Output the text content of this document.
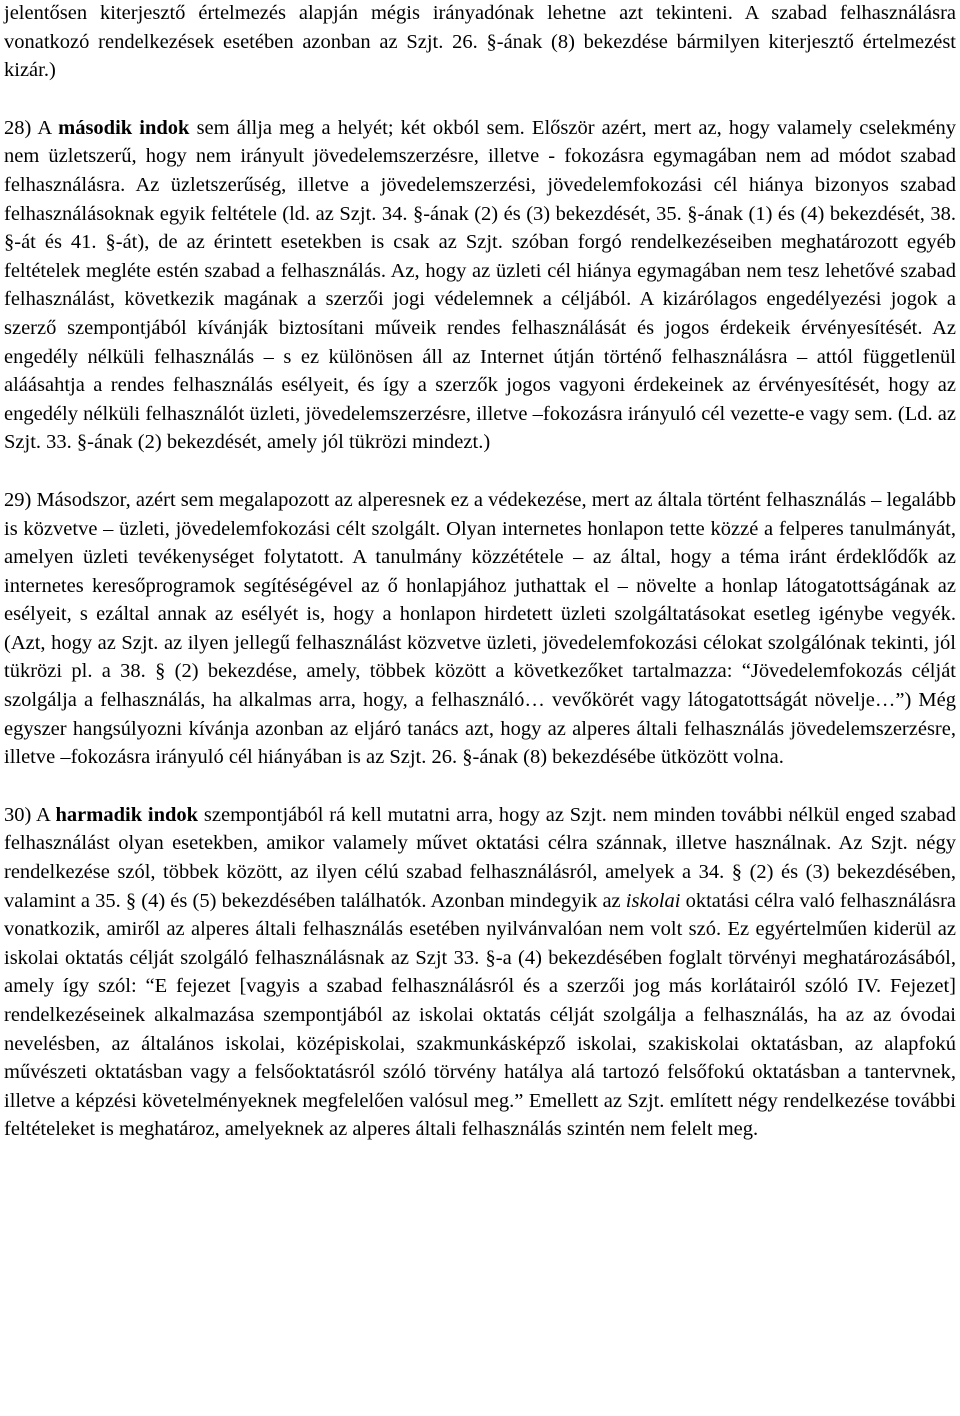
jelentősen kiterjesztő értelmezés alapján mégis irányadónak lehetne azt tekinteni. A szabad felhasználásra vonatkozó rendelkezések esetében azonban az Szjt. 26. §-ának (8) bekezdése bármilyen kiterjesztő értelmezést kizár.)

28) A második indok sem állja meg a helyét; két okból sem. Először azért, mert az, hogy valamely cselekmény nem üzletszerű, hogy nem irányult jövedelemszerzésre, illetve - fokozásra egymagában nem ad módot szabad felhasználásra. Az üzletszerűség, illetve a jövedelemszerzési, jövedelemfokozási cél hiánya bizonyos szabad felhasználásoknak egyik feltétele (ld. az Szjt. 34. §-ának (2) és (3) bekezdését, 35. §-ának (1) és (4) bekezdését, 38. §-át és 41. §-át), de az érintett esetekben is csak az Szjt. szóban forgó rendelkezéseiben meghatározott egyéb feltételek megléte estén szabad a felhasználás. Az, hogy az üzleti cél hiánya egymagában nem tesz lehetővé szabad felhasználást, következik magának a szerzői jogi védelemnek a céljából. A kizárólagos engedélyezési jogok a szerző szempontjából kívánják biztosítani műveik rendes felhasználását és jogos érdekeik érvényesítését. Az engedély nélküli felhasználás – s ez különösen áll az Internet útján történő felhasználásra – attól függetlenül aláásahtja a rendes felhasználás esélyeit, és így a szerzők jogos vagyoni érdekeinek az érvényesítését, hogy az engedély nélküli felhasználót üzleti, jövedelemszerzésre, illetve –fokozásra irányuló cél vezette-e vagy sem. (Ld. az Szjt. 33. §-ának (2) bekezdését, amely jól tükrözi mindezt.)

29) Másodszor, azért sem megalapozott az alperesnek ez a védekezése, mert az általa történt felhasználás – legalább is közvetve – üzleti, jövedelemfokozási célt szolgált. Olyan internetes honlapon tette közzé a felperes tanulmányát, amelyen üzleti tevékenységet folytatott. A tanulmány közzététele – az által, hogy a téma iránt érdeklődők az internetes keresőprogramok segítéségével az ő honlapjához juthattak el – növelte a honlap látogatottságának az esélyeit, s ezáltal annak az esélyét is, hogy a honlapon hirdetett üzleti szolgáltatásokat esetleg igénybe vegyék. (Azt, hogy az Szjt. az ilyen jellegű felhasználást közvetve üzleti, jövedelemfokozási célokat szolgálónak tekinti, jól tükrözi pl. a 38. § (2) bekezdése, amely, többek között a következőket tartalmazza: “Jövedelemfokozás célját szolgálja a felhasználás, ha alkalmas arra, hogy, a felhasználó… vevőkörét vagy látogatottságát növelje…”) Még egyszer hangsúlyozni kívánja azonban az eljáró tanács azt, hogy az alperes általi felhasználás jövedelemszerzésre, illetve –fokozásra irányuló cél hiányában is az Szjt. 26. §-ának (8) bekezdésébe ütközött volna.

30) A harmadik indok szempontjából rá kell mutatni arra, hogy az Szjt. nem minden további nélkül enged szabad felhasználást olyan esetekben, amikor valamely művet oktatási célra szánnak, illetve használnak. Az Szjt. négy rendelkezése szól, többek között, az ilyen célú szabad felhasználásról, amelyek a 34. § (2) és (3) bekezdésében, valamint a 35. § (4) és (5) bekezdésében találhatók. Azonban mindegyik az iskolai oktatási célra való felhasználásra vonatkozik, amiről az alperes általi felhasználás esetében nyilvánvalóan nem volt szó. Ez egyértelműen kiderül az iskolai oktatás célját szolgáló felhasználásnak az Szjt 33. §-a (4) bekezdésében foglalt törvényi meghatározásából, amely így szól: “E fejezet [vagyis a szabad felhasználásról és a szerzői jog más korlátairól szóló IV. Fejezet] rendelkezéseinek alkalmazása szempontjából az iskolai oktatás célját szolgálja a felhasználás, ha az az óvodai nevelésben, az általános iskolai, középiskolai, szakmunkásképző iskolai, szakiskolai oktatásban, az alapfokú művészeti oktatásban vagy a felsőoktatásról szóló törvény hatálya alá tartozó felsőfokú oktatásban a tantervnek, illetve a képzési követelményeknek megfelelően valósul meg.” Emellett az Szjt. említett négy rendelkezése további feltételeket is meghatároz, amelyeknek az alperes általi felhasználás szintén nem felelt meg.
